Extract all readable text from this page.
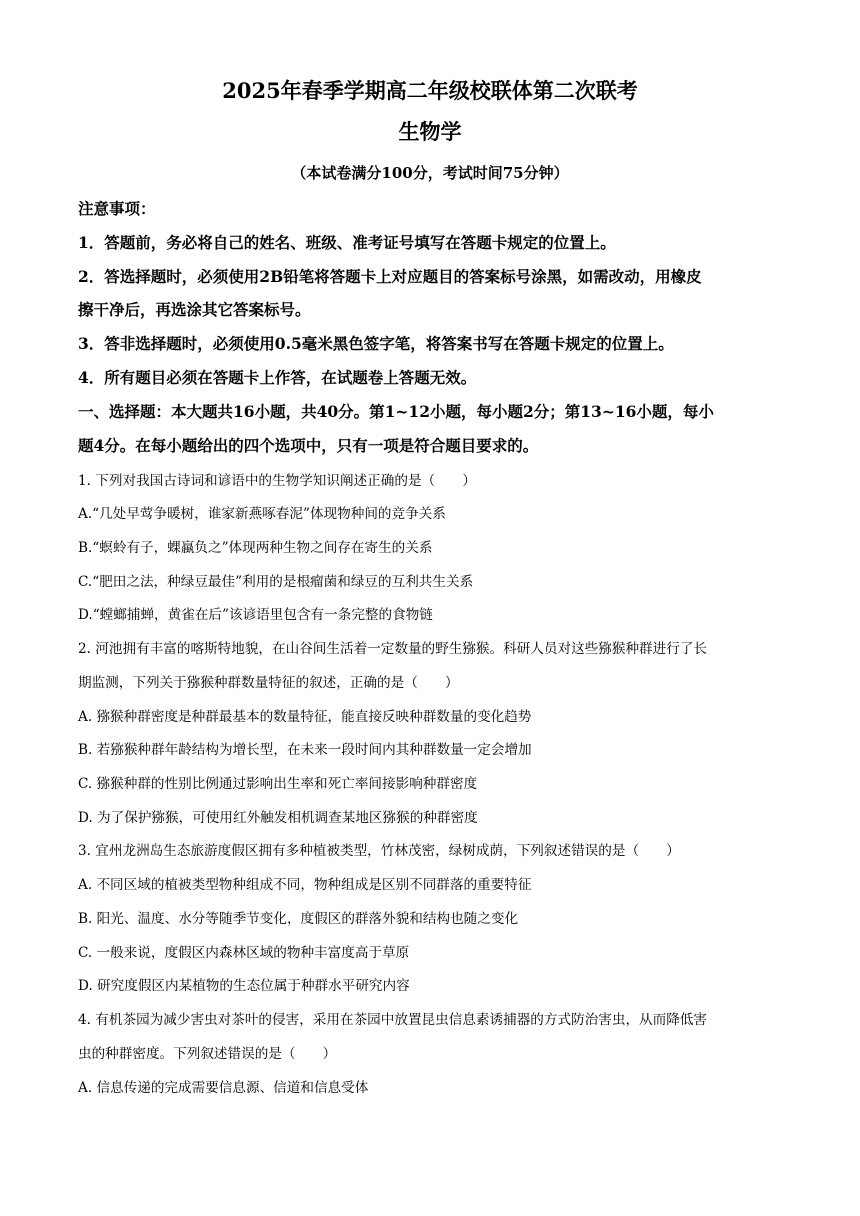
2025年春季学期高二年级校联体第二次联考
生物学
（本试卷满分100分，考试时间75分钟）
注意事项：
1．答题前，务必将自己的姓名、班级、准考证号填写在答题卡规定的位置上。
2．答选择题时，必须使用2B铅笔将答题卡上对应题目的答案标号涂黑，如需改动，用橡皮
擦干净后，再选涂其它答案标号。
3．答非选择题时，必须使用0.5毫米黑色签字笔，将答案书写在答题卡规定的位置上。
4．所有题目必须在答题卡上作答，在试题卷上答题无效。
一、选择题：本大题共16小题，共40分。第1~12小题，每小题2分；第13~16小题，每小
题4分。在每小题给出的四个选项中，只有一项是符合题目要求的。
1. 下列对我国古诗词和谚语中的生物学知识阐述正确的是（　　）
A.“几处早莺争暖树，谁家新燕啄春泥”体现物种间的竞争关系
B.“螟蛉有子，蜾蠃负之”体现两种生物之间存在寄生的关系
C.“肥田之法，种绿豆最佳”利用的是根瘤菌和绿豆的互利共生关系
D.“螳螂捕蝉，黄雀在后”该谚语里包含有一条完整的食物链
2. 河池拥有丰富的喀斯特地貌，在山谷间生活着一定数量的野生猕猴。科研人员对这些猕猴种群进行了长
期监测，下列关于猕猴种群数量特征的叙述，正确的是（　　）
A. 猕猴种群密度是种群最基本的数量特征，能直接反映种群数量的变化趋势
B. 若猕猴种群年龄结构为增长型，在未来一段时间内其种群数量一定会增加
C. 猕猴种群的性别比例通过影响出生率和死亡率间接影响种群密度
D. 为了保护猕猴，可使用红外触发相机调查某地区猕猴的种群密度
3. 宜州龙洲岛生态旅游度假区拥有多种植被类型，竹林茂密，绿树成荫，下列叙述错误的是（　　）
A. 不同区域的植被类型物种组成不同，物种组成是区别不同群落的重要特征
B. 阳光、温度、水分等随季节变化，度假区的群落外貌和结构也随之变化
C. 一般来说，度假区内森林区域的物种丰富度高于草原
D. 研究度假区内某植物的生态位属于种群水平研究内容
4. 有机茶园为减少害虫对茶叶的侵害，采用在茶园中放置昆虫信息素诱捕器的方式防治害虫，从而降低害
虫的种群密度。下列叙述错误的是（　　）
A. 信息传递的完成需要信息源、信道和信息受体
